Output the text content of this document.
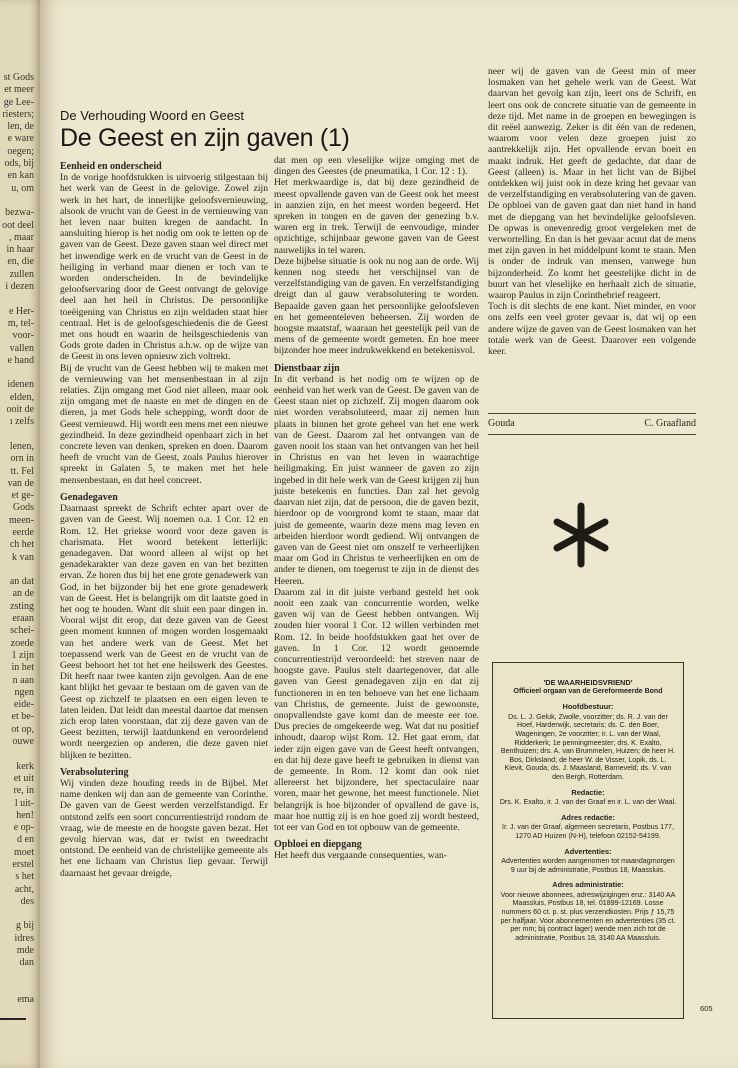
st Gods
et meer
ge Lee-
riesters;
len, de
e ware
oegen;
ods, bij
en kan
u, om

bezwa-
oot deel
, maar
in haar
en, die
zullen
i dezen

e Her-
m, tel-
voor-
vallen
e hand

idenen
elden,
ooit de
ı zelfs

lenen,
orn in
tt. Fel
van de
et ge-
Gods
meen-
eerde
ch het
k van

an dat
an de
zsting
eraan
schei-
zoede
1 zijn
in het
n aan
ngen
eide-
et be-
ot op,
ouwe

kerk
et uit
re, in
l uit-
hen!
e op-
d en
moet
erstel
s het
acht,
des

g bij
idres
mde
dan

ema
De Verhouding Woord en Geest
De Geest en zijn gaven (1)
Eenheid en onderscheid

In de vorige hoofdstukken is uitvoerig stilgestaan bij het werk van de Geest in de gelovige. Zowel zijn werk in het hart, de innerlijke geloofsvernieuwing, alsook de vrucht van de Geest in de vernieuwing van het leven naar buiten kregen de aandacht. In aansluiting hierop is het nodig om ook te letten op de gaven van de Geest. Deze gaven staan wel direct met het inwendige werk en de vrucht van de Geest in de heiliging in verband maar dienen er toch van te worden onderscheiden. In de bevindelijke geloofservaring door de Geest ontvangt de gelovige deel aan het heil in Christus. De persoonlijke toeëigening van Christus en zijn weldaden staat hier centraal. Het is de geloofsgeschiedenis die de Geest met ons houdt en waarin de heilsgeschiedenis van Gods grote daden in Christus a.h.w. op de wijze van de Geest in ons leven opnieuw zich voltrekt.

Bij de vrucht van de Geest hebben wij te maken met de vernieuwing van het mensenbestaan in al zijn relaties. Zijn omgang met God niet alleen, maar ook zijn omgang met de naaste en met de dingen en de dieren, ja met Gods hele schepping, wordt door de Geest vernieuwd. Hij wordt een mens met een nieuwe gezindheid. In deze gezindheid openbaart zich in het concrete leven van denken, spreken en doen. Daarom heeft de vrucht van de Geest, zoals Paulus hierover spreekt in Galaten 5, te maken met het hele mensenbestaan, en dat heel concreet.

Genadegaven

Daarnaast spreekt de Schrift echter apart over de gaven van de Geest. Wij noemen o.a. 1 Cor. 12 en Rom. 12. Het griekse woord voor deze gaven is charismata. Het woord betekent letterlijk: genadegaven. Dat woord alleen al wijst op het genadekarakter van deze gaven en van het bezitten ervan. Ze horen dus bij het ene grote genadewerk van God, in het bijzonder bij het ene grote genadewerk van de Geest. Het is belangrijk om dit laatste goed in het oog te houden. Want dit sluit een paar dingen in. Vooral wijst dit erop, dat deze gaven van de Geest geen moment kunnen of mogen worden losgemaakt van het andere werk van de Geest. Met het toepassend werk van de Geest en de vrucht van de Geest behoort het tot het ene heilswerk des Geestes. Dit heeft naar twee kanten zijn gevolgen. Aan de ene kant blijkt het gevaar te bestaan om de gaven van de Geest op zichzelf te plaatsen en een eigen leven te laten leiden. Dat leidt dan meestal daartoe dat mensen zich erop laten voorstaan, dat zij deze gaven van de Geest bezitten, terwijl laatdunkend en veroordelend wordt neergezien op anderen, die deze gaven niet blijken te bezitten.

Verabsolutering

Wij vinden deze houding reeds in de Bijbel. Met name denken wij dan aan de gemeente van Corinthe. De gaven van de Geest werden verzelfstandigd. Er ontstond zelfs een soort concurrentiestrijd rondom de vraag, wie de meeste en de hoogste gaven bezat. Het gevolg hiervan was, dat er twist en tweedracht ontstond. De eenheid van de christelijke gemeente als het ene lichaam van Christus liep gevaar. Terwijl daarnaast het gevaar dreigde,

dat men op een vleselijke wijze omging met de dingen des Geestes (de pneumatika, 1 Cor. 12 : 1).

Het merkwaardige is, dat bij deze gezindheid de meest opvallende gaven van de Geest ook het meest in aanzien zijn, en het meest worden begeerd. Het spreken in tongen en de gaven der genezing b.v. waren erg in trek. Terwijl de eenvoudige, minder opzichtige, schijnbaar gewone gaven van de Geest nauwelijks in tel waren.

Deze bijbelse situatie is ook nu nog aan de orde. Wij kennen nog steeds het verschijnsel van de verzelfstandiging van de gaven. En verzelfstandiging dreigt dan al gauw verabsolutering te worden. Bepaalde gaven gaan het persoonlijke geloofsleven en het gemeenteleven beheersen. Zij worden de hoogste maatstaf, waaraan het geestelijk peil van de mens of de gemeente wordt gemeten. En hoe meer bijzonder hoe meer indrukwekkend en betekenisvol.

Dienstbaar zijn

In dit verband is het nodig om te wijzen op de eenheid van het werk van de Geest. De gaven van de Geest staan niet op zichzelf. Zij mogen daarom ook niet worden verabsoluteerd, maar zij nemen hun plaats in binnen het grote geheel van het ene werk van de Geest. Daarom zal het ontvangen van de gaven nooit los staan van het ontvangen van het heil in Christus en van het leven in waarachtige heiligmaking. En juist wanneer de gaven zo zijn ingebed in dit hele werk van de Geest krijgen zij hun juiste betekenis en functies. Dan zal het gevolg daarvan niet zijn, dat de persoon, die de gaven bezit, hierdoor op de voorgrond komt te staan, maar dat juist de gemeente, waarin deze mens mag leven en arbeiden hierdoor wordt gediend. Wij ontvangen de gaven van de Geest niet om onszelf te verheerlijken maar om God in Christus te verheerlijken en om de ander te dienen, om toegerust te zijn in de dienst des Heeren.

Daarom zal in dit juiste verband gesteld het ook nooit een zaak van concurrentie worden, welke gaven wij van de Geest hebben ontvangen. Wij zouden hier vooral 1 Cor. 12 willen verbinden met Rom. 12. In beide hoofdstukken gaat het over de gaven. In 1 Cor. 12 wordt genoemde concurrentiestrijd veroordeeld: het streven naar de hoogste gave. Paulus stelt daartegenover, dat alle gaven van Geest genadegaven zijn en dat zij functioneren in en ten behoeve van het ene lichaam van Christus, de gemeente. Juist de gewoonste, onopvallendste gave komt dan de meeste eer toe. Dus precies de omgekeerde weg. Wat dat nu positief inhoudt, daarop wijst Rom. 12. Het gaat erom, dat ieder zijn eigen gave van de Geest heeft ontvangen, en dat hij deze gave heeft te gebruiken in dienst van de gemeente. In Rom. 12 komt dan ook niet allereerst het bijzondere, het spectaculaire naar voren, maar het gewone, het meest functionele. Niet belangrijk is hoe bijzonder of opvallend de gave is, maar hoe nuttig zij is en hoe goed zij wordt besteed, tot eer van God en tot opbouw van de gemeente.

Opbloei en diepgang

Het heeft dus vergaande consequenties, wan-

neer wij de gaven van de Geest min of meer losmaken van het gehele werk van de Geest. Wat daarvan het gevolg kan zijn, leert ons de Schrift, en leert ons ook de concrete situatie van de gemeente in deze tijd. Met name in de groepen en bewegingen is dit reëel aanwezig. Zeker is dit één van de redenen, waarom voor velen deze groepen juist zo aantrekkelijk zijn. Het opvallende ervan boeit en maakt indruk. Het geeft de gedachte, dat daar de Geest (alleen) is. Maar in het licht van de Bijbel ontdekken wij juist ook in deze kring het gevaar van de verzelfstandiging en verabsolutering van de gaven. De opbloei van de gaven gaat dan niet hand in hand met de diepgang van het bevindelijke geloofsleven. De opwas is onevenredig groot vergeleken met de verwortelling. En dan is het gevaar acuut dat de mens met zijn gaven in het middelpunt komt te staan. Men is onder de indruk van mensen, vanwege hun bijzonderheid. Zo komt het geestelijke dicht in de buurt van het vleselijke en herhaalt zich de situatie, waarop Paulus in zijn Corinthebrief reageert.

Toch is dit slechts de ene kant. Niet minder, en voor ons zelfs een veel groter gevaar is, dat wij op een andere wijze de gaven van de Geest losmaken van het totale werk van de Geest. Daarover een volgende keer.

Gouda	C. Graafland
'DE WAARHEIDSVRIEND'
Officieel orgaan van de Gereformeerde Bond
Hoofdbestuur:
Ds. L. J. Geluk, Zwolle, voorzitter; ds. R. J. van der Hoef, Harderwijk, secretaris; ds. C. den Boer, Wageningen, 2e voorzitter; ir. L. van der Waal, Ridderkerk; 1e penningmeester; drs. K. Exalto, Benthuizen; drs. A. van Brummelen, Huizen; de heer H. Bos, Dirksland; de heer W. de Visser, Lopik, ds. L. Kievit, Gouda; ds. J. Maasland, Barneveld; ds. V. van den Bergh, Rotterdam.
Redactie:
Drs. K. Exalto, ir. J. van der Graaf en ir. L. van der Waal.
Adres redactie:
Ir. J. van der Graaf, algemeen secretaris, Postbus 177, 1270 AD Huizen (N-H), telefoon 02152-54199.
Advertenties:
Advertenties worden aangenomen tot maandagmorgen 9 uur bij de administratie, Postbus 18, Maassluis.
Adres administratie:
Voor nieuwe abonnees, adreswijzigingen enz.: 3140 AA Maassluis, Postbus 18, tel. 01899-12169. Losse nummers 60 ct. p. st. plus verzendkosten. Prijs ƒ 15,75 per halfjaar. Voor abonnementen en advertenties (35 ct. per mm; bij contract lager) wende men zich tot de administratie, Postbus 18, 3140 AA Maassluis.
605
